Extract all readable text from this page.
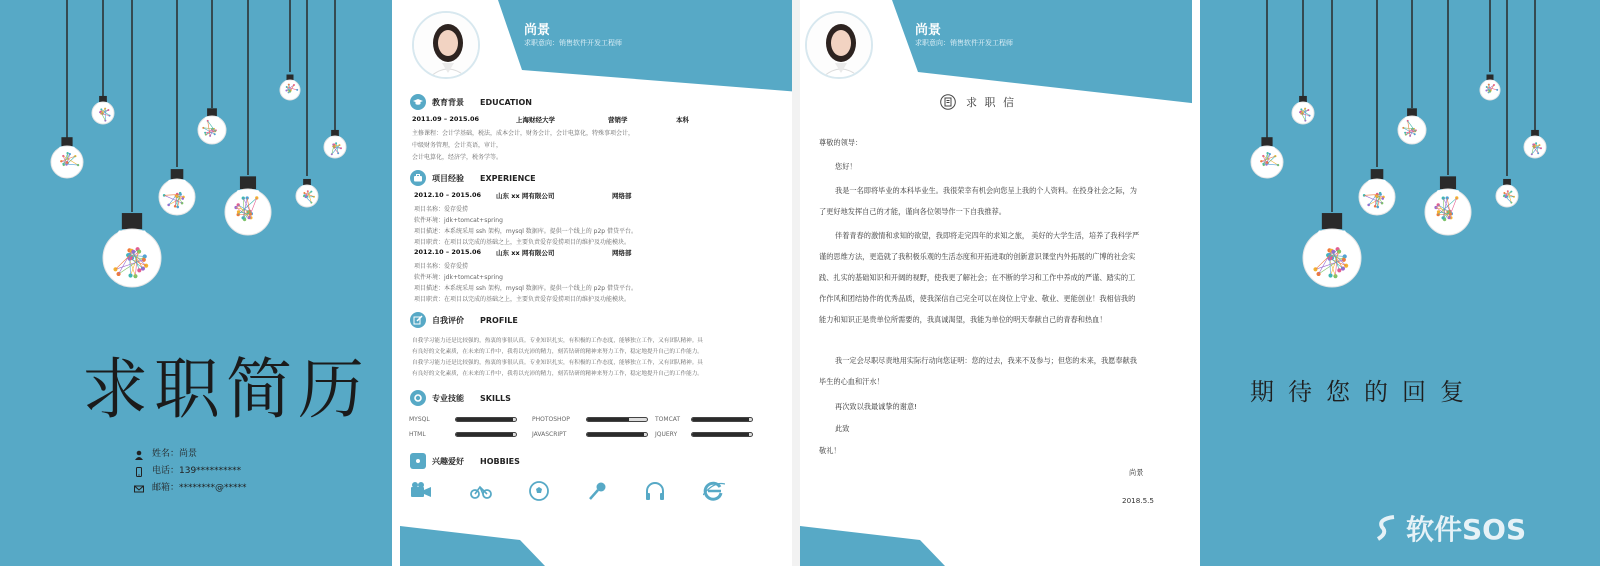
求职简历
姓名：尚景
电话：139**********
邮箱：********@*****
尚景
求职意向：销售软件开发工程师
教育背景 EDUCATION
2011.09 – 2015.06	上海财经大学	营销学	本科
主修课程：会计学基础，税法，成本会计，财务会计，会计电算化，特殊事项会计，
中级财务管理，会计英语，审计，
会计电算化，经济学，税务学等。
项目经验 EXPERIENCE
2012.10 – 2015.06 山东 xx 网有限公司	网络部
项目名称：爱存爱捞
软件环境：jdk+tomcat+spring
项目描述：本系统采用 ssh 架构，mysql 数据库。提供一个线上的 p2p 借贷平台。
项目职责：在项目以完成的基础之上，主要负责爱存爱捞项目的维护及功能模块。
2012.10 – 2015.06 山东 xx 网有限公司	网络部
项目名称：爱存爱捞
软件环境：jdk+tomcat+spring
项目描述：本系统采用 ssh 架构，mysql 数据库。提供一个线上的 p2p 借贷平台。
项目职责：在项目以完成的基础之上，主要负责爱存爱捞项目的维护及功能模块。
自我评价 PROFILE
自我学习能力还是比较强的，热衷的事很认真。专业知识扎实，有积极的工作态度，能够独立工作，又有团队精神。具
有良好的文化素质，在未来的工作中，我将以充沛的精力，刻苦钻研的精神来努力工作，稳定地提升自己的工作能力。
自我学习能力还是比较强的，热衷的事很认真。专业知识扎实，有积极的工作态度，能够独立工作，又有团队精神。具
有良好的文化素质，在未来的工作中，我将以充沛的精力，刻苦钻研的精神来努力工作，稳定地提升自己的工作能力。
专业技能 SKILLS
MYSQL	PHOTOSHOP	TOMCAT
HTML	JAVASCRIPT	JQUERY
兴趣爱好 HOBBIES
尚景
求职意向：销售软件开发工程师
求 职 信
尊敬的领导：
您好！
我是一名即将毕业的本科毕业生。我很荣幸有机会向您呈上我的个人资料。在投身社会之际，为了更好地发挥自己的才能，谨向各位领导作一下自我推荐。
伴着青春的激情和求知的欲望，我即将走完四年的求知之旅， 美好的大学生活，培养了我科学严谨的思维方法，更造就了我积极乐观的生活态度和开拓进取的创新意识课堂内外拓展的广博的社会实践、扎实的基础知识和开阔的视野，使我更了解社会；在不断的学习和工作中养成的严谨、踏实的工作作风和团结协作的优秀品质，使我深信自己完全可以在岗位上守业、敬业、更能创业！我相信我的能力和知识正是贵单位所需要的，我真诚渴望，我能为单位的明天奉献自己的青春和热血！
我一定会尽职尽责地用实际行动向您证明：您的过去，我来不及参与；但您的未来，我愿奉献我毕生的心血和汗水！
再次致以我最诚挚的谢意!
此致
敬礼！
尚景
2018.5.5
期待您的回复
软件SOS
